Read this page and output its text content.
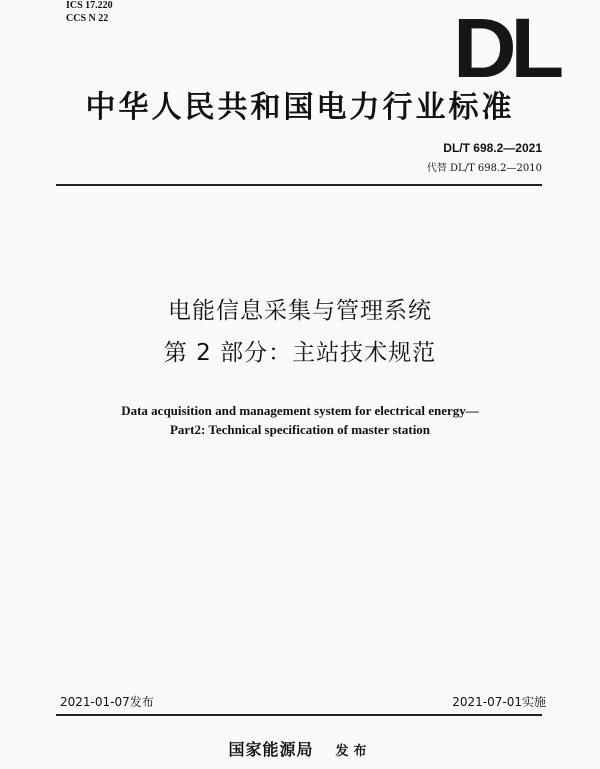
ICS 17.220
CCS N 22	DL
中华人民共和国电力行业标准
DL/T 698.2—2021
代替 DL/T 698.2—2010
电能信息采集与管理系统
第 2 部分：主站技术规范
Data acquisition and management system for electrical energy—
Part2: Technical specification of master station
2021-01-07发布	2021-07-01实施
国家能源局 发布
